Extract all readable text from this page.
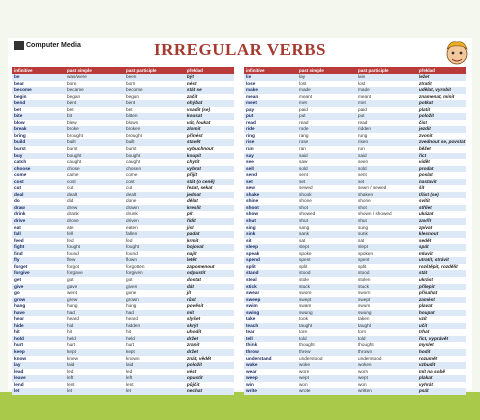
Computer Media	IRREGULAR VERBS
infinitive	past simple	past participle	překlad
be	was/were	been	být
bear	bore	born	nést
become	became	become	stát se
begin	began	begun	začít
bend	bent	bent	ohýbat
bet	bet	bet	vsadit (se)
bite	bit	bitten	kousat
blow	blew	blown	vát, foukat
break	broke	broken	zlomit
bring	brought	brought	přinést
build	built	built	stavět
burst	burst	burst	vybuchnout
buy	bought	bought	koupit
catch	caught	caught	chytit
choose	chose	chosen	vybrat
come	came	come	přijít
cost	cost	cost	stát (o ceně)
cut	cut	cut	řezat, sekat
deal	dealt	dealt	jednat
do	did	done	dělat
draw	drew	drawn	kreslit
drink	drank	drunk	pít
drive	drove	driven	řídit
eat	ate	eaten	jíst
fall	fell	fallen	padat
feed	fed	fed	krmit
fight	fought	fought	bojovat
find	found	found	najít
fly	flew	flown	letět
forget	forgot	forgotten	zapomenout
forgive	forgave	forgiven	odpustit
get	got	got	dostat
give	gave	given	dát
go	went	gone	jít
grow	grew	grown	růst
hang	hung	hung	pověsit
have	had	had	mít
hear	heard	heard	slyšet
hide	hid	hidden	skrýt
hit	hit	hit	uhodit
hold	held	held	držet
hurt	hurt	hurt	zranit
keep	kept	kept	držet
know	knew	known	znát, vědět
lay	laid	laid	položit
lead	led	led	vést
leave	left	left	opustit
lend	lent	lent	půjčit
let	let	let	nechat
infinitive	past simple	past participle	překlad
lie	lay	lain	ležet
lose	lost	lost	ztratit
make	made	made	udělat, vyrobit
mean	meant	meant	znamenat, mínit
meet	met	met	potkat
pay	paid	paid	platit
put	put	put	položit
read	read	read	číst
ride	rode	ridden	jezdit
ring	rang	rung	zvonit
rise	rose	risen	zvednout se, povstat
run	ran	run	běžet
say	said	said	říct
see	saw	seen	vidět
sell	sold	sold	prodat
send	sent	sent	poslat
set	set	set	nastavit
sew	sewed	sewn / sewed	šít
shake	shook	shaken	třást (se)
shine	shone	shone	svítit
shoot	shot	shot	střílet
show	showed	shown / showed	ukázat
shut	shut	shut	zavřít
sing	sang	sung	zpívat
sink	sank	sunk	klesnout
sit	sat	sat	sedět
sleep	slept	slept	spát
speak	spoke	spoken	mluvit
spend	spent	spent	utratit, strávit
split	split	split	rozštěpit, rozdělit
stand	stood	stood	stát
steal	stole	stolen	ukrást
stick	stuck	stuck	přilepit
swear	swore	sworn	přísahat
sweep	swept	swept	zamést
swim	swam	swum	plavat
swing	swung	swung	houpat
take	took	taken	vzít
teach	taught	taught	učit
tear	tore	torn	trhat
tell	told	told	říct, vyprávět
think	thought	thought	myslet
throw	threw	thrown	hodit
understand	understood	understood	rozumět
wake	woke	woken	vzbudit
wear	wore	worn	mít na sobě
weep	wept	wept	plakat
win	won	won	vyhrát
write	wrote	written	psát
